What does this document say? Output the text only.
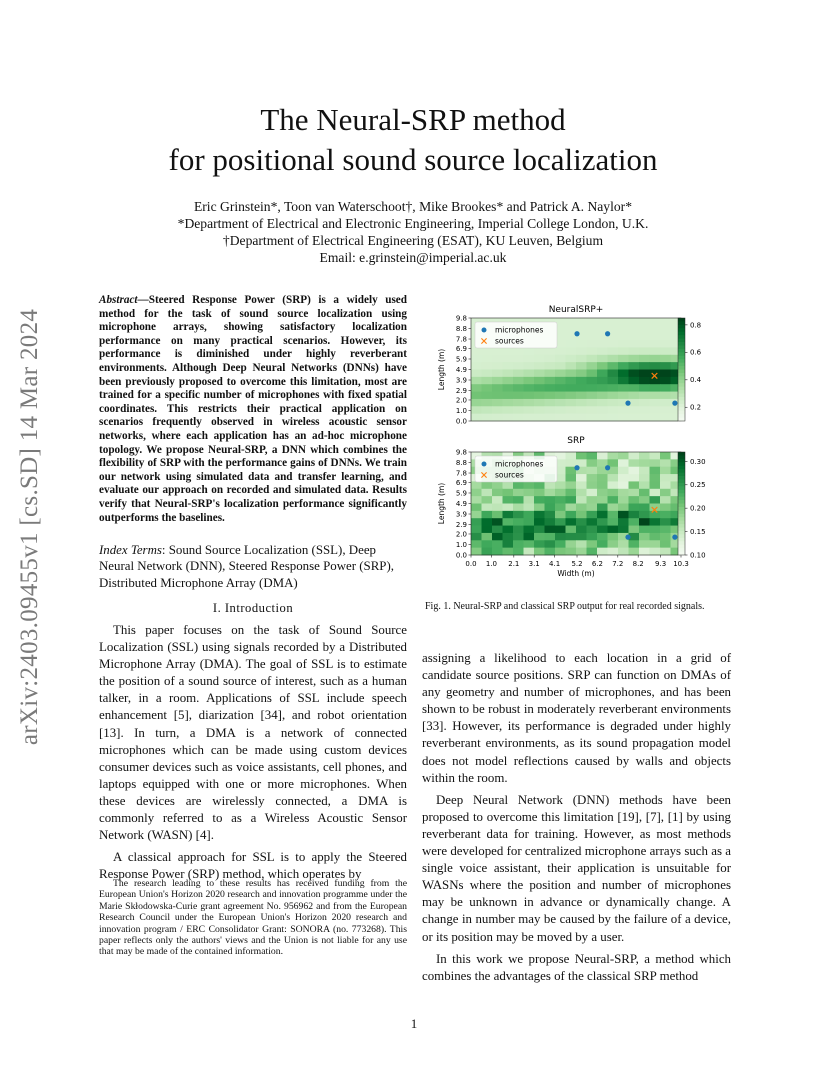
arXiv:2403.09455v1 [cs.SD] 14 Mar 2024
The Neural-SRP method
for positional sound source localization
Eric Grinstein*, Toon van Waterschoot†, Mike Brookes* and Patrick A. Naylor*
*Department of Electrical and Electronic Engineering, Imperial College London, U.K.
†Department of Electrical Engineering (ESAT), KU Leuven, Belgium
Email: e.grinstein@imperial.ac.uk
Abstract—Steered Response Power (SRP) is a widely used method for the task of sound source localization using microphone arrays, showing satisfactory localization performance on many practical scenarios. However, its performance is diminished under highly reverberant environments. Although Deep Neural Networks (DNNs) have been previously proposed to overcome this limitation, most are trained for a specific number of microphones with fixed spatial coordinates. This restricts their practical application on scenarios frequently observed in wireless acoustic sensor networks, where each application has an ad-hoc microphone topology. We propose Neural-SRP, a DNN which combines the flexibility of SRP with the performance gains of DNNs. We train our network using simulated data and transfer learning, and evaluate our approach on recorded and simulated data. Results verify that Neural-SRP's localization performance significantly outperforms the baselines.
Index Terms: Sound Source Localization (SSL), Deep Neural Network (DNN), Steered Response Power (SRP), Distributed Microphone Array (DMA)
I. Introduction

This paper focuses on the task of Sound Source Localization (SSL) using signals recorded by a Distributed Microphone Array (DMA). The goal of SSL is to estimate the position of a sound source of interest, such as a human talker, in a room. Applications of SSL include speech enhancement [5], diarization [34], and robot orientation [13]. In turn, a DMA is a network of connected microphones which can be made using custom devices consumer devices such as voice assistants, cell phones, and laptops equipped with one or more microphones. When these devices are wirelessly connected, a DMA is commonly referred to as a Wireless Acoustic Sensor Network (WASN) [4].

A classical approach for SSL is to apply the Steered Response Power (SRP) method, which operates by

The research leading to these results has received funding from the European Union's Horizon 2020 research and innovation programme under the Marie Skłodowska-Curie grant agreement No. 956962 and from the European Research Council under the European Union's Horizon 2020 research and innovation program / ERC Consolidator Grant: SONORA (no. 773268). This paper reflects only the authors' views and the Union is not liable for any use that may be made of the contained information.
NeuralSRP+
0.0
1.0
2.0
2.9
3.9
4.9
5.9
6.9
7.8
8.8
9.8
Length (m)
microphones
sources
0.2
0.4
0.6
0.8
SRP
0.0
1.0
2.0
2.9
3.9
4.9
5.9
6.9
7.8
8.8
9.8
Length (m)
0.0 1.0 2.1 3.1 4.1 5.2 6.2 7.2 8.2 9.3 10.3
Width (m)
microphones
sources
0.10
0.15
0.20
0.25
0.30
Fig. 1. Neural-SRP and classical SRP output for real recorded signals.

assigning a likelihood to each location in a grid of candidate source positions. SRP can function on DMAs of any geometry and number of microphones, and has been shown to be robust in moderately reverberant environments [33]. However, its performance is degraded under highly reverberant environments, as its sound propagation model does not model reflections caused by walls and objects within the room.

Deep Neural Network (DNN) methods have been proposed to overcome this limitation [19], [7], [1] by using reverberant data for training. However, as most methods were developed for centralized microphone arrays such as a single voice assistant, their application is unsuitable for WASNs where the position and number of microphones may be unknown in advance or dynamically change. A change in number may be caused by the failure of a device, or its position may be moved by a user.

In this work we propose Neural-SRP, a method which combines the advantages of the classical SRP method

1
